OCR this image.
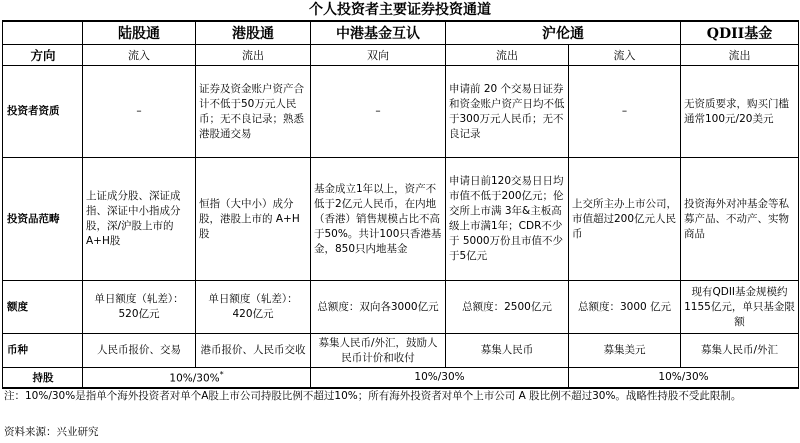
个人投资者主要证券投资通道
	陆股通	港股通	中港基金互认	沪伦通		QDII基金
方向	流入	流出	双向	流出	流入	流出
投资者资质	–	证券及资金账户资产合计不低于50万元人民币；无不良记录；熟悉港股通交易	–	申请前 20 个交易日证券和资金账户资产日均不低于300万元人民币；无不良记录	–	无资质要求，购买门槛通常100元/20美元
投资品范畴	上证成分股、深证成指、深证中小指成分股，深/沪股上市的A+H股	恒指（大中小）成分股，港股上市的 A+H股	基金成立1年以上，资产不低于2亿元人民币，在内地（香港）销售规模占比不高于50%。共计100只香港基金，850只内地基金	申请日前120交易日日均市值不低于200亿元；伦交所上市满 3年&主板高级上市满1年；CDR不少于 5000万份且市值不少于5亿元	上交所主办上市公司，市值超过200亿元人民币	投资海外对冲基金等私募产品、不动产、实物商品
额度	单日额度（轧差）：520亿元	单日额度（轧差）：420亿元	总额度：双向各3000亿元	总额度：2500亿元	总额度：3000 亿元	现有QDII基金规模约1155亿元，单只基金限额
币种	人民币报价、交易	港币报价、人民币交收	募集人民币/外汇，鼓励人民币计价和收付	募集人民币	募集美元	募集人民币/外汇
持股	10%/30%*		10%/30%		10%/30%	
注：10%/30%是指单个海外投资者对单个A股上市公司持股比例不超过10%；所有海外投资者对单个上市公司 A 股比例不超过30%。战略性持股不受此限制。
资料来源：兴业研究
